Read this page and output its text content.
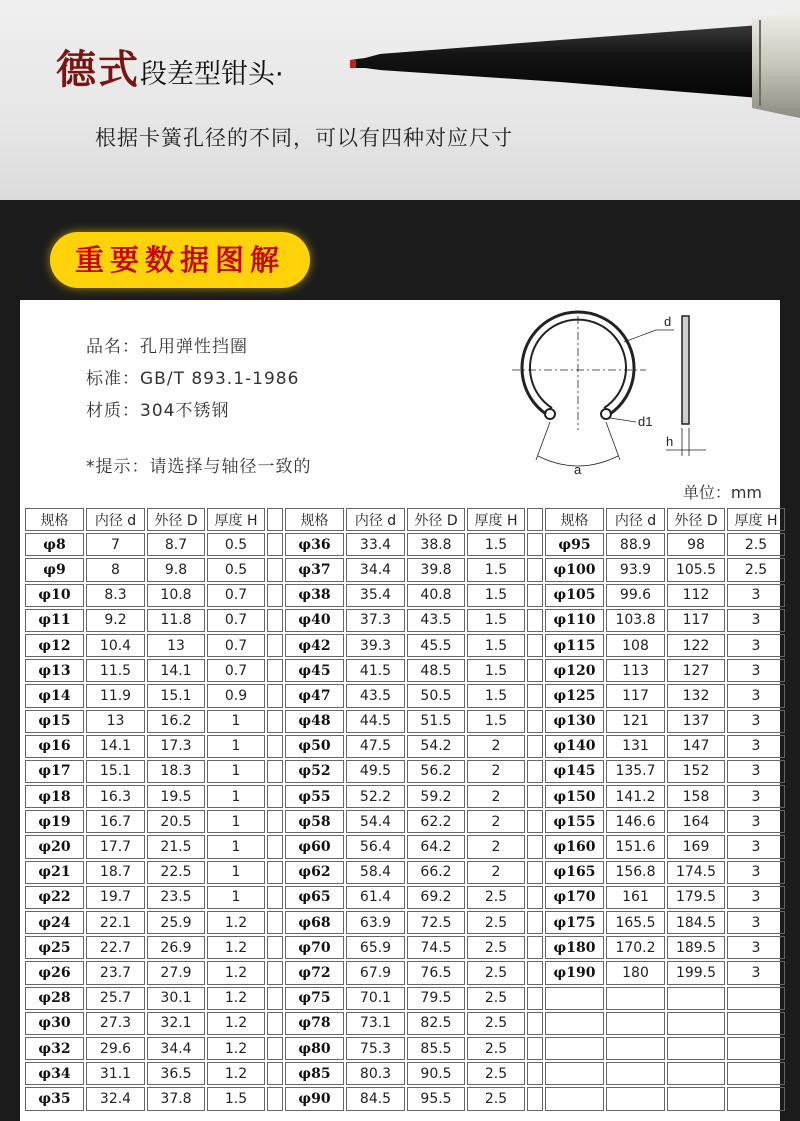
德式段差型钳头·
根据卡簧孔径的不同，可以有四种对应尺寸
重要数据图解
品名：孔用弹性挡圈
标准：GB/T 893.1-1986
材质：304不锈钢
*提示：请选择与轴径一致的
单位：mm
d
d1
h
a
规格	内径 d	外径 D	厚度 H		规格	内径 d	外径 D	厚度 H		规格	内径 d	外径 D	厚度 H
φ8	7	8.7	0.5		φ36	33.4	38.8	1.5		φ95	88.9	98	2.5
φ9	8	9.8	0.5		φ37	34.4	39.8	1.5		φ100	93.9	105.5	2.5
φ10	8.3	10.8	0.7		φ38	35.4	40.8	1.5		φ105	99.6	112	3
φ11	9.2	11.8	0.7		φ40	37.3	43.5	1.5		φ110	103.8	117	3
φ12	10.4	13	0.7		φ42	39.3	45.5	1.5		φ115	108	122	3
φ13	11.5	14.1	0.7		φ45	41.5	48.5	1.5		φ120	113	127	3
φ14	11.9	15.1	0.9		φ47	43.5	50.5	1.5		φ125	117	132	3
φ15	13	16.2	1		φ48	44.5	51.5	1.5		φ130	121	137	3
φ16	14.1	17.3	1		φ50	47.5	54.2	2		φ140	131	147	3
φ17	15.1	18.3	1		φ52	49.5	56.2	2		φ145	135.7	152	3
φ18	16.3	19.5	1		φ55	52.2	59.2	2		φ150	141.2	158	3
φ19	16.7	20.5	1		φ58	54.4	62.2	2		φ155	146.6	164	3
φ20	17.7	21.5	1		φ60	56.4	64.2	2		φ160	151.6	169	3
φ21	18.7	22.5	1		φ62	58.4	66.2	2		φ165	156.8	174.5	3
φ22	19.7	23.5	1		φ65	61.4	69.2	2.5		φ170	161	179.5	3
φ24	22.1	25.9	1.2		φ68	63.9	72.5	2.5		φ175	165.5	184.5	3
φ25	22.7	26.9	1.2		φ70	65.9	74.5	2.5		φ180	170.2	189.5	3
φ26	23.7	27.9	1.2		φ72	67.9	76.5	2.5		φ190	180	199.5	3
φ28	25.7	30.1	1.2		φ75	70.1	79.5	2.5					
φ30	27.3	32.1	1.2		φ78	73.1	82.5	2.5					
φ32	29.6	34.4	1.2		φ80	75.3	85.5	2.5					
φ34	31.1	36.5	1.2		φ85	80.3	90.5	2.5					
φ35	32.4	37.8	1.5		φ90	84.5	95.5	2.5					
